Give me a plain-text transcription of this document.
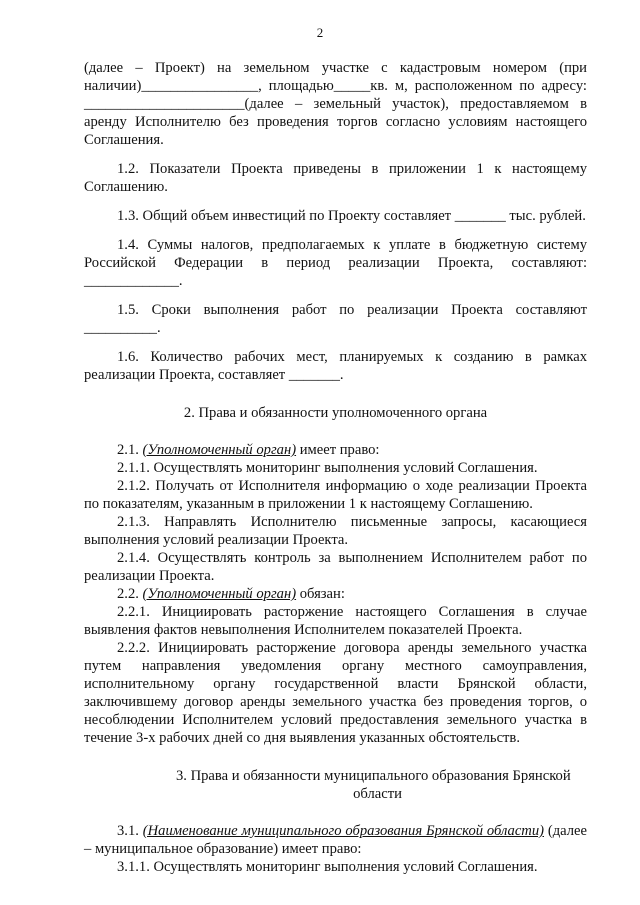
2

(далее – Проект) на земельном участке с кадастровым номером (при наличии)________________, площадью_____кв. м, расположенном по адресу: ______________________(далее – земельный участок), предоставляемом в аренду Исполнителю без проведения торгов согласно условиям настоящего Соглашения.

1.2. Показатели Проекта приведены в приложении 1 к настоящему Соглашению.

1.3. Общий объем инвестиций по Проекту составляет _______ тыс. рублей.

1.4. Суммы налогов, предполагаемых к уплате в бюджетную систему Российской Федерации в период реализации Проекта, составляют: _____________.

1.5. Сроки выполнения работ по реализации Проекта составляют __________.

1.6. Количество рабочих мест, планируемых к созданию в рамках реализации Проекта, составляет _______.

2. Права и обязанности уполномоченного органа

2.1. (Уполномоченный орган) имеет право:

2.1.1. Осуществлять мониторинг выполнения условий Соглашения.

2.1.2. Получать от Исполнителя информацию о ходе реализации Проекта по показателям, указанным в приложении 1 к настоящему Соглашению.

2.1.3. Направлять Исполнителю письменные запросы, касающиеся выполнения условий реализации Проекта.

2.1.4. Осуществлять контроль за выполнением Исполнителем работ по реализации Проекта.

2.2. (Уполномоченный орган) обязан:

2.2.1. Инициировать расторжение настоящего Соглашения в случае выявления фактов невыполнения Исполнителем показателей Проекта.

2.2.2. Инициировать расторжение договора аренды земельного участка путем направления уведомления органу местного самоуправления, исполнительному органу государственной власти Брянской области, заключившему договор аренды земельного участка без проведения торгов, о несоблюдении Исполнителем условий предоставления земельного участка в течение 3-х рабочих дней со дня выявления указанных обстоятельств.

3. Права и обязанности муниципального образования Брянской области

3.1. (Наименование муниципального образования Брянской области) (далее – муниципальное образование) имеет право:

3.1.1. Осуществлять мониторинг выполнения условий Соглашения.
